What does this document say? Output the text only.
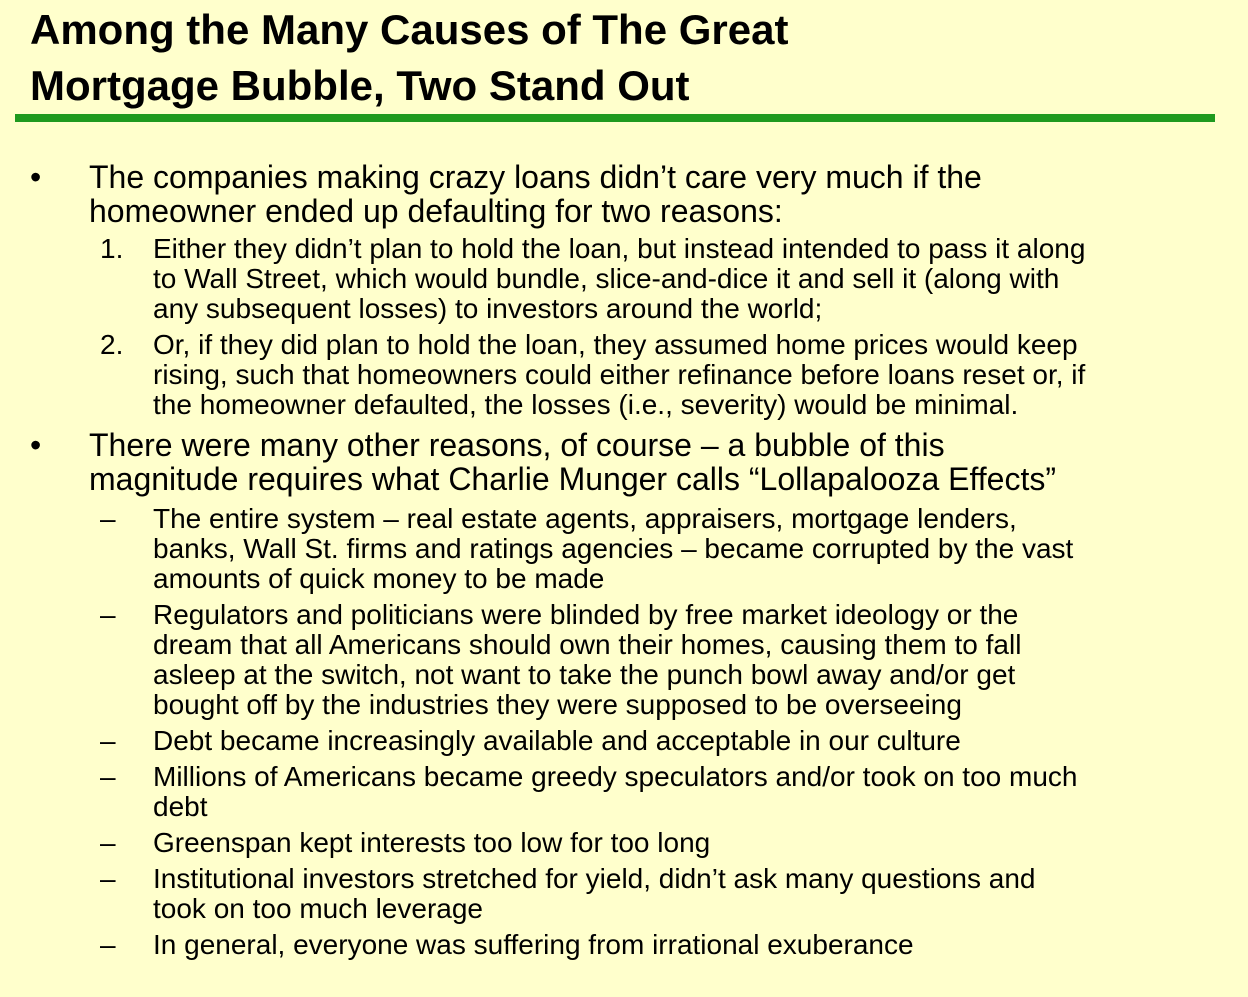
Among the Many Causes of The Great
Mortgage Bubble, Two Stand Out
• The companies making crazy loans didn’t care very much if the
homeowner ended up defaulting for two reasons:
1. Either they didn’t plan to hold the loan, but instead intended to pass it along
to Wall Street, which would bundle, slice-and-dice it and sell it (along with
any subsequent losses) to investors around the world;
2. Or, if they did plan to hold the loan, they assumed home prices would keep
rising, such that homeowners could either refinance before loans reset or, if
the homeowner defaulted, the losses (i.e., severity) would be minimal.
• There were many other reasons, of course – a bubble of this
magnitude requires what Charlie Munger calls “Lollapalooza Effects”
– The entire system – real estate agents, appraisers, mortgage lenders,
banks, Wall St. firms and ratings agencies – became corrupted by the vast
amounts of quick money to be made
– Regulators and politicians were blinded by free market ideology or the
dream that all Americans should own their homes, causing them to fall
asleep at the switch, not want to take the punch bowl away and/or get
bought off by the industries they were supposed to be overseeing
– Debt became increasingly available and acceptable in our culture
– Millions of Americans became greedy speculators and/or took on too much
debt
– Greenspan kept interests too low for too long
– Institutional investors stretched for yield, didn’t ask many questions and
took on too much leverage
– In general, everyone was suffering from irrational exuberance
